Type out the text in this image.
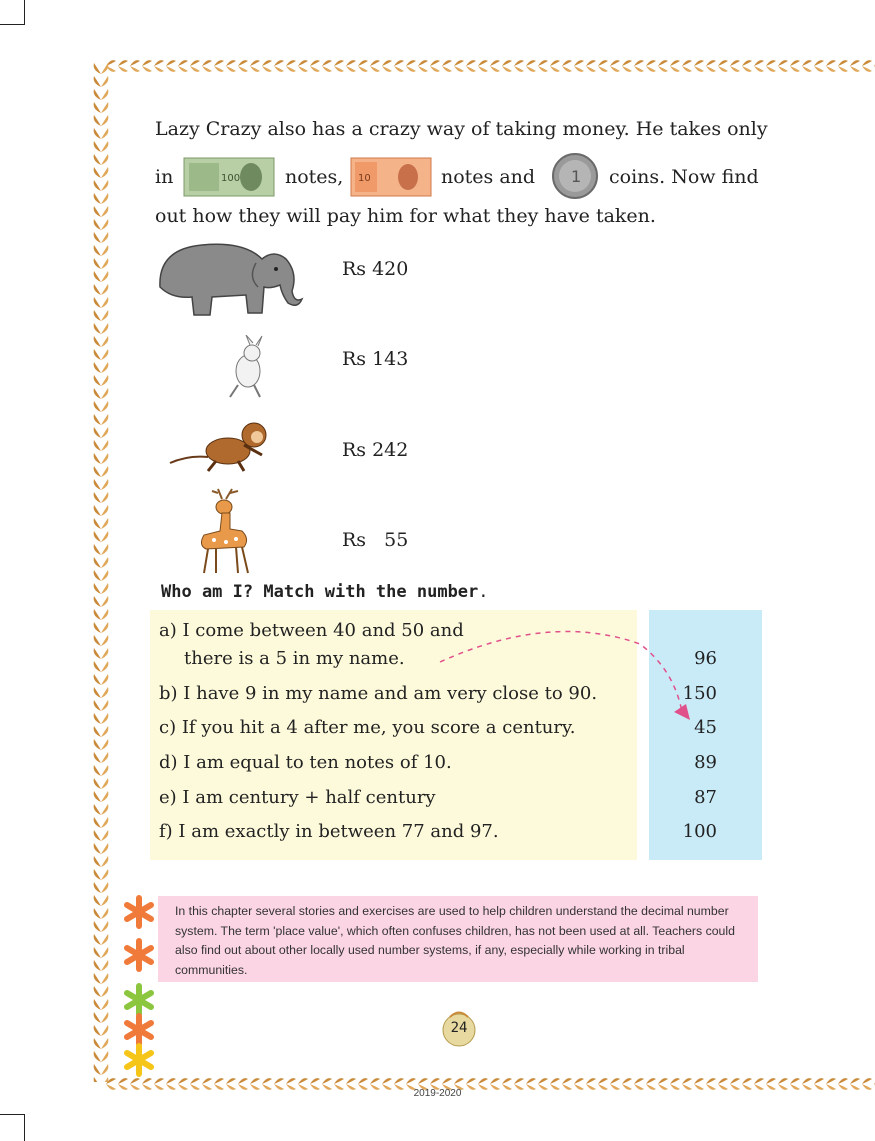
Lazy Crazy also has a crazy way of taking money. He takes only
in	100 notes, 10	notes and 1 coins. Now find
out how they will pay him for what they have taken.
Rs 420
Rs 143
Rs 242
Rs   55
Who am I? Match with the number.
a) I come between 40 and 50 and
there is a 5 in my name.
b) I have 9 in my name and am very close to 90.
c) If you hit a 4 after me, you score a century.
d) I am equal to ten notes of 10.
e) I am century + half century
f) I am exactly in between 77 and 97.
96
150
45
89
87
100

In this chapter several stories and exercises are used to help children understand the decimal number system. The term 'place value', which often confuses children, has not been used at all. Teachers could also find out about other locally used number systems, if any, especially while working in tribal communities.

24
2019-2020
